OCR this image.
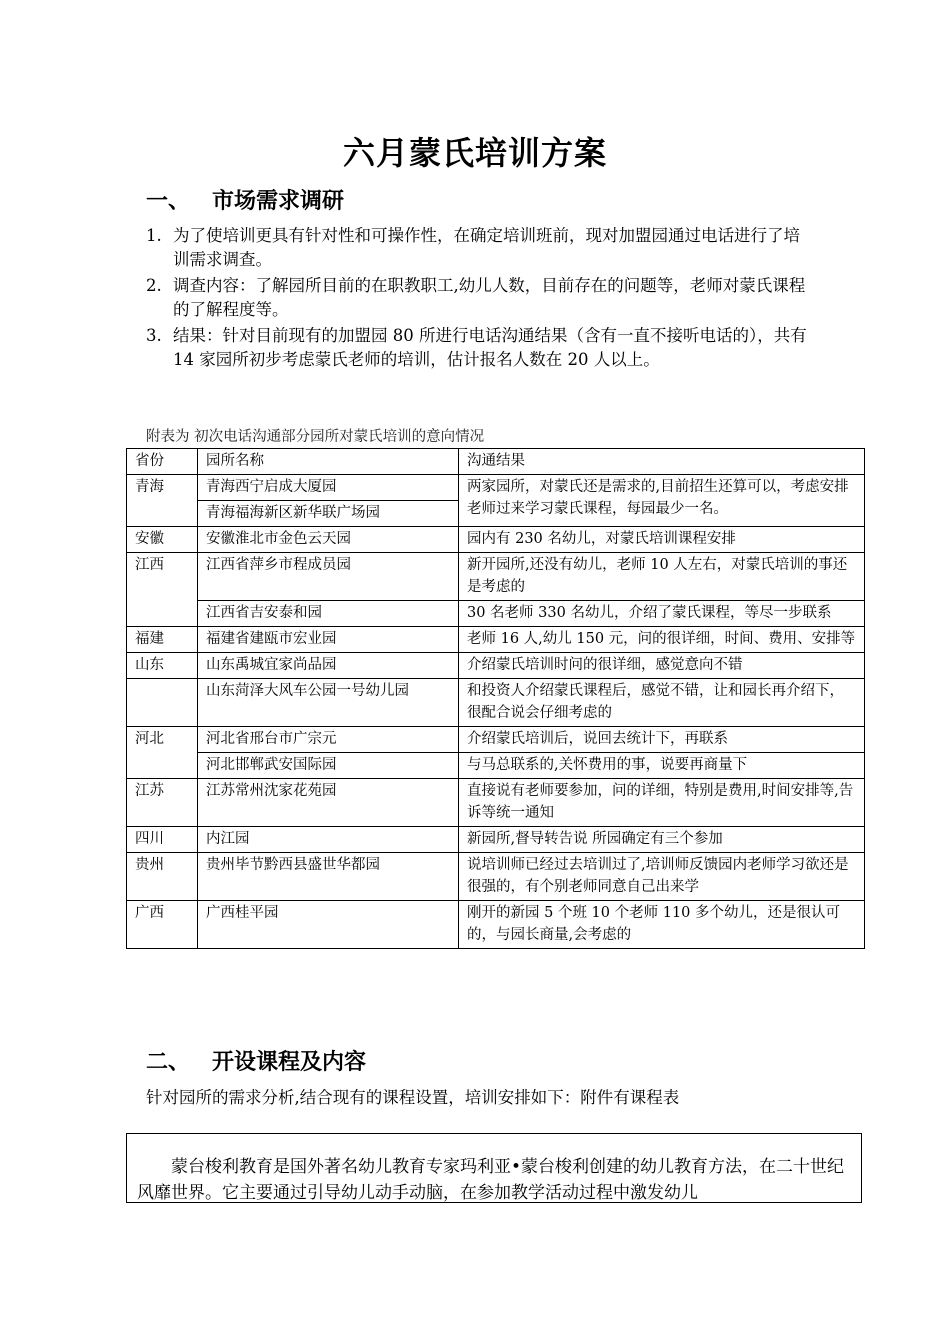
六月蒙氏培训方案
一、 市场需求调研
1. 为了使培训更具有针对性和可操作性，在确定培训班前，现对加盟园通过电话进行了培训需求调查。
2. 调查内容：了解园所目前的在职教职工,幼儿人数，目前存在的问题等，老师对蒙氏课程的了解程度等。
3. 结果：针对目前现有的加盟园 80 所进行电话沟通结果（含有一直不接听电话的），共有 14 家园所初步考虑蒙氏老师的培训，估计报名人数在 20 人以上。
附表为 初次电话沟通部分园所对蒙氏培训的意向情况
省份	园所名称	沟通结果
青海	青海西宁启成大厦园	两家园所，对蒙氏还是需求的,目前招生还算可以，考虑安排老师过来学习蒙氏课程，每园最少一名。
	青海福海新区新华联广场园	
安徽	安徽淮北市金色云天园	园内有 230 名幼儿，对蒙氏培训课程安排
江西	江西省萍乡市程成员园	新开园所,还没有幼儿，老师 10 人左右，对蒙氏培训的事还是考虑的
	江西省吉安泰和园	30 名老师 330 名幼儿，介绍了蒙氏课程，等尽一步联系
福建	福建省建瓯市宏业园	老师 16 人,幼儿 150 元，问的很详细，时间、费用、安排等
山东	山东禹城宜家尚品园	介绍蒙氏培训时问的很详细，感觉意向不错
	山东菏泽大风车公园一号幼儿园	和投资人介绍蒙氏课程后，感觉不错，让和园长再介绍下，很配合说会仔细考虑的
河北	河北省邢台市广宗元	介绍蒙氏培训后，说回去统计下，再联系
	河北邯郸武安国际园	与马总联系的,关怀费用的事，说要再商量下
江苏	江苏常州沈家花苑园	直接说有老师要参加，问的详细，特别是费用,时间安排等,告诉等统一通知
四川	内江园	新园所,督导转告说 所园确定有三个参加
贵州	贵州毕节黔西县盛世华都园	说培训师已经过去培训过了,培训师反馈园内老师学习欲还是很强的，有个别老师同意自己出来学
广西	广西桂平园	刚开的新园 5 个班 10 个老师 110 多个幼儿，还是很认可的，与园长商量,会考虑的
二、 开设课程及内容
针对园所的需求分析,结合现有的课程设置，培训安排如下：附件有课程表

蒙台梭利教育是国外著名幼儿教育专家玛利亚•蒙台梭利创建的幼儿教育方法，在二十世纪风靡世界。它主要通过引导幼儿动手动脑，在参加教学活动过程中激发幼儿
